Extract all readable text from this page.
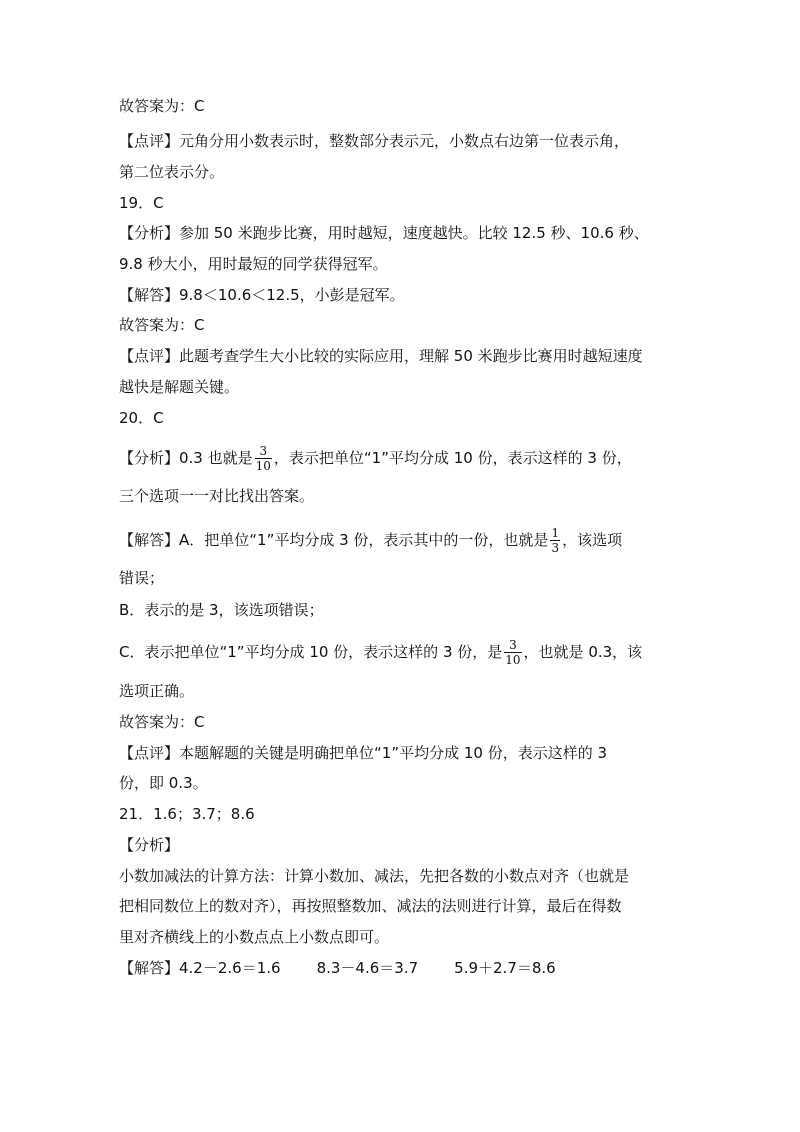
故答案为：C
【点评】元角分用小数表示时，整数部分表示元，小数点右边第一位表示角，
第二位表示分。
19．C
【分析】参加 50 米跑步比赛，用时越短，速度越快。比较 12.5 秒、10.6 秒、
9.8 秒大小，用时最短的同学获得冠军。
【解答】9.8＜10.6＜12.5，小彭是冠军。
故答案为：C
【点评】此题考查学生大小比较的实际应用，理解 50 米跑步比赛用时越短速度
越快是解题关键。
20．C
【分析】0.3 也就是 $\frac{3}{10}$ ，表示把单位“1”平均分成 10 份，表示这样的 3 份，
三个选项一一对比找出答案。
【解答】A．把单位“1”平均分成 3 份，表示其中的一份，也就是 $\frac{1}{3}$ ，该选项
错误；
B．表示的是 3，该选项错误；
C．表示把单位“1”平均分成 10 份，表示这样的 3 份，是 $\frac{3}{10}$ ，也就是 0.3，该
选项正确。
故答案为：C
【点评】本题解题的关键是明确把单位“1”平均分成 10 份，表示这样的 3
份，即 0.3。
21．1.6；3.7；8.6
【分析】
小数加减法的计算方法：计算小数加、减法，先把各数的小数点对齐（也就是
把相同数位上的数对齐），再按照整数加、减法的法则进行计算，最后在得数
里对齐横线上的小数点点上小数点即可。
【解答】4.2－2.6＝1.6 8.3－4.6＝3.7 5.9＋2.7＝8.6
